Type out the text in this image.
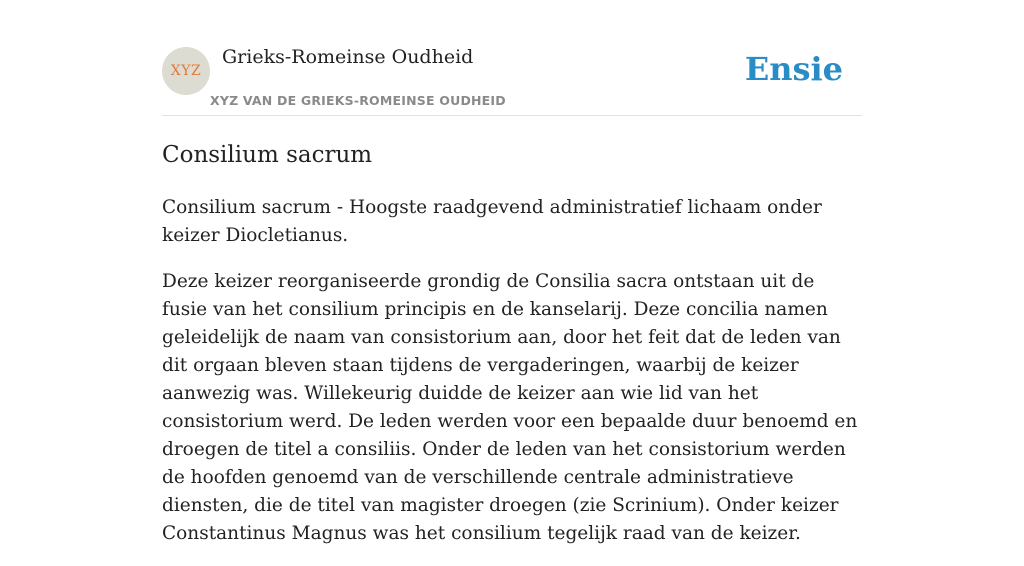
XYZ
Grieks-Romeinse Oudheid
XYZ VAN DE GRIEKS-ROMEINSE OUDHEID
Ensie
Consilium sacrum

Consilium sacrum - Hoogste raadgevend administratief lichaam onder keizer Diocletianus.

Deze keizer reorganiseerde grondig de Consilia sacra ontstaan uit de fusie van het consilium principis en de kanselarij. Deze concilia namen geleidelijk de naam van consistorium aan, door het feit dat de leden van dit orgaan bleven staan tijdens de vergaderingen, waarbij de keizer aanwezig was. Willekeurig duidde de keizer aan wie lid van het consistorium werd. De leden werden voor een bepaalde duur benoemd en droegen de titel a consiliis. Onder de leden van het consistorium werden de hoofden genoemd van de verschillende centrale administratieve diensten, die de titel van magister droegen (zie Scrinium). Onder keizer Constantinus Magnus was het consilium tegelijk raad van de keizer.
